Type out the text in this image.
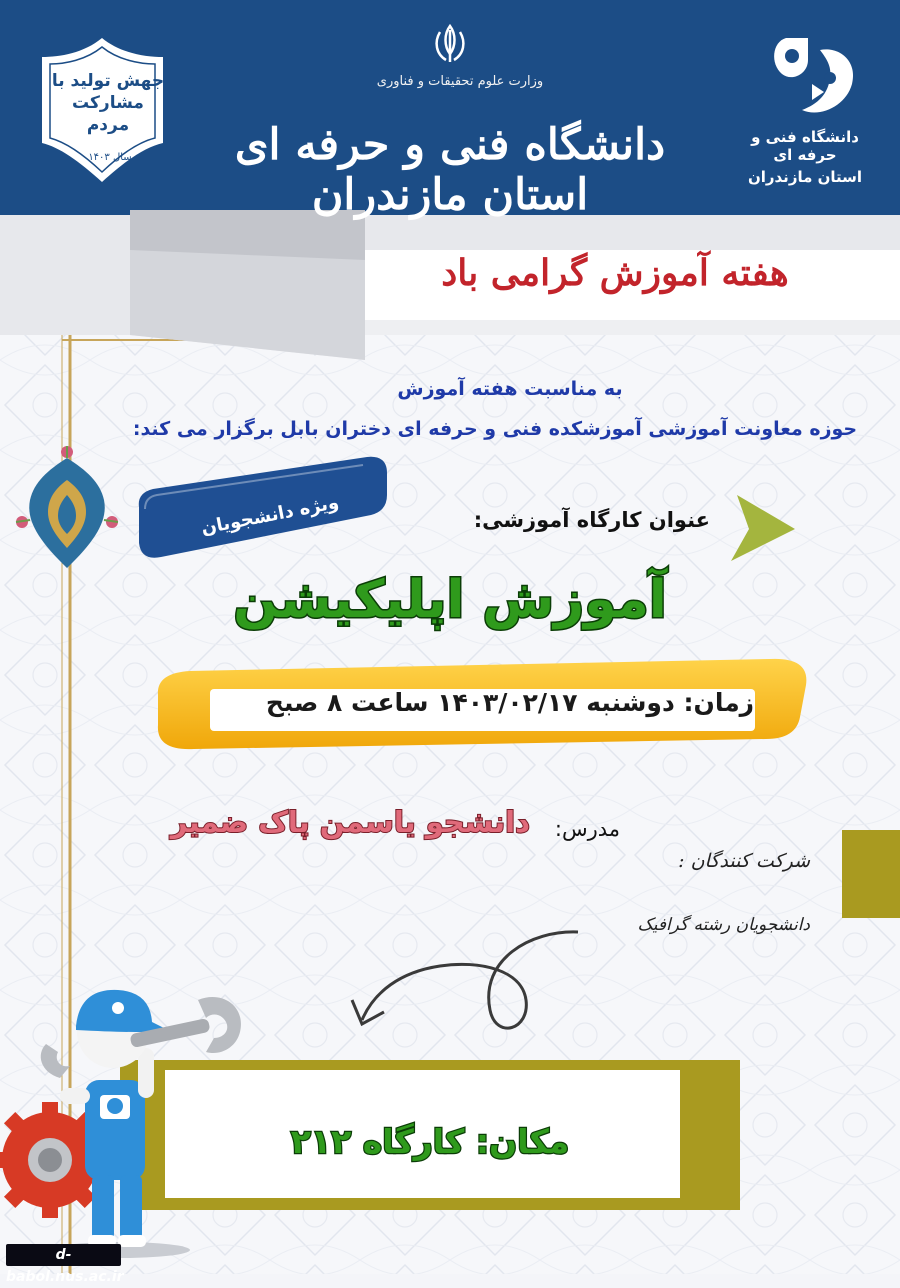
وزارت علوم تحقیقات و فناوری
دانشگاه فنی و حرفه ای استان مازندران
دانشگاه فنی و حرفه ای
استان مازندران
جهش تولید با مشارکت مردم
سال ۱۴۰۳
هفته آموزش گرامی باد
به مناسبت هفته آموزش
حوزه معاونت آموزشی آموزشکده فنی و حرفه ای دختران بابل برگزار می کند:
ویژه دانشجویان	عنوان کارگاه آموزشی:
آموزش اپلیکیشن
زمان: دوشنبه ۱۴۰۳/۰۲/۱۷ ساعت ۸ صبح
مدرس:
دانشجو یاسمن پاک ضمیر
شرکت کنندگان :
دانشجویان رشته گرافیک
مکان: کارگاه ۲۱۲
d-babol.nus.ac.ir
